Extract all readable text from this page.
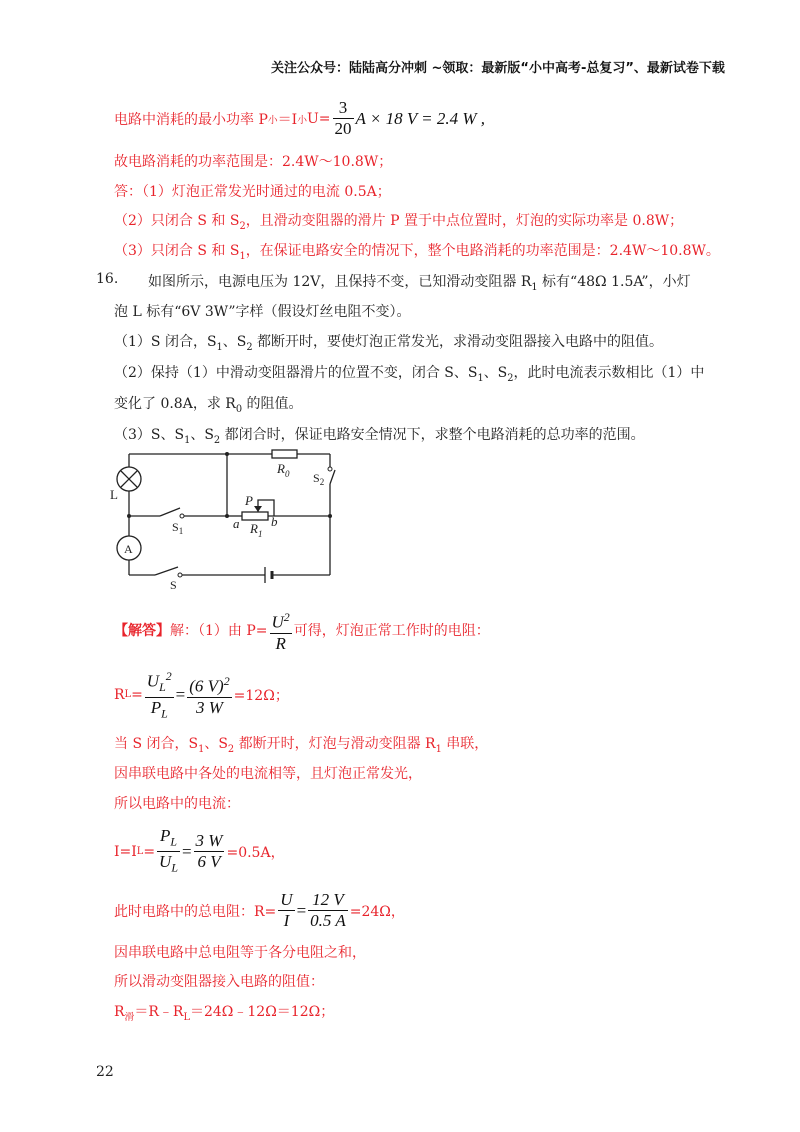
关注公众号：陆陆高分冲刺 ~领取：最新版“小中高考-总复习”、最新试卷下载
电路中消耗的最小功率 P 小 ＝I 小 $U= \frac{3}{20}$ A × 18 V = 2.4 W ,
故电路消耗的功率范围是：2.4W～10.8W；
答：（1）灯泡正常发光时通过的电流 0.5A；
（2）只闭合 S 和 $S_2$，且滑动变阻器的滑片 P 置于中点位置时，灯泡的实际功率是 0.8W；
（3）只闭合 S 和 $S_1$，在保证电路安全的情况下，整个电路消耗的功率范围是：2.4W～10.8W。
16. 如图所示，电源电压为 12V，且保持不变，已知滑动变阻器 $R_1$ 标有“48Ω 1.5A”，小灯
泡 L 标有“6V 3W”字样（假设灯丝电阻不变）。
（1）S 闭合，$S_1$、$S_2$ 都断开时，要使灯泡正常发光，求滑动变阻器接入电路中的阻值。
（2）保持（1）中滑动变阻器滑片的位置不变，闭合 S、$S_1$、$S_2$，此时电流表示数相比（1）中
变化了 0.8A，求 $R_0$ 的阻值。
（3）S、$S_1$、$S_2$ 都闭合时，保证电路安全情况下，求整个电路消耗的总功率的范围。
L
A
$R_0$ $S_2$
$S_1$
P
a b
$R_1$
S
【解答】 解：（1）由 $P= \frac{U^2}{R}$ 可得，灯泡正常工作时的电阻：
R $L = \frac{U_L^2}{P_L} = \frac{(6 V)^2}{3 W} =12\Omega$；
当 S 闭合，$S_1$、$S_2$ 都断开时，灯泡与滑动变阻器 $R_1$ 串联，
因串联电路中各处的电流相等，且灯泡正常发光，
所以电路中的电流：
I=I $L = \frac{P_L}{U_L} = \frac{3 W}{6 V} =0.5A$，
此时电路中的总电阻：$R= \frac{U}{I} = \frac{12 V}{0.5 A} =24\Omega$，
因串联电路中总电阻等于各分电阻之和，
所以滑动变阻器接入电路的阻值：
$R_滑=R﹣R_L=24\Omega﹣12\Omega=12\Omega$；
22
